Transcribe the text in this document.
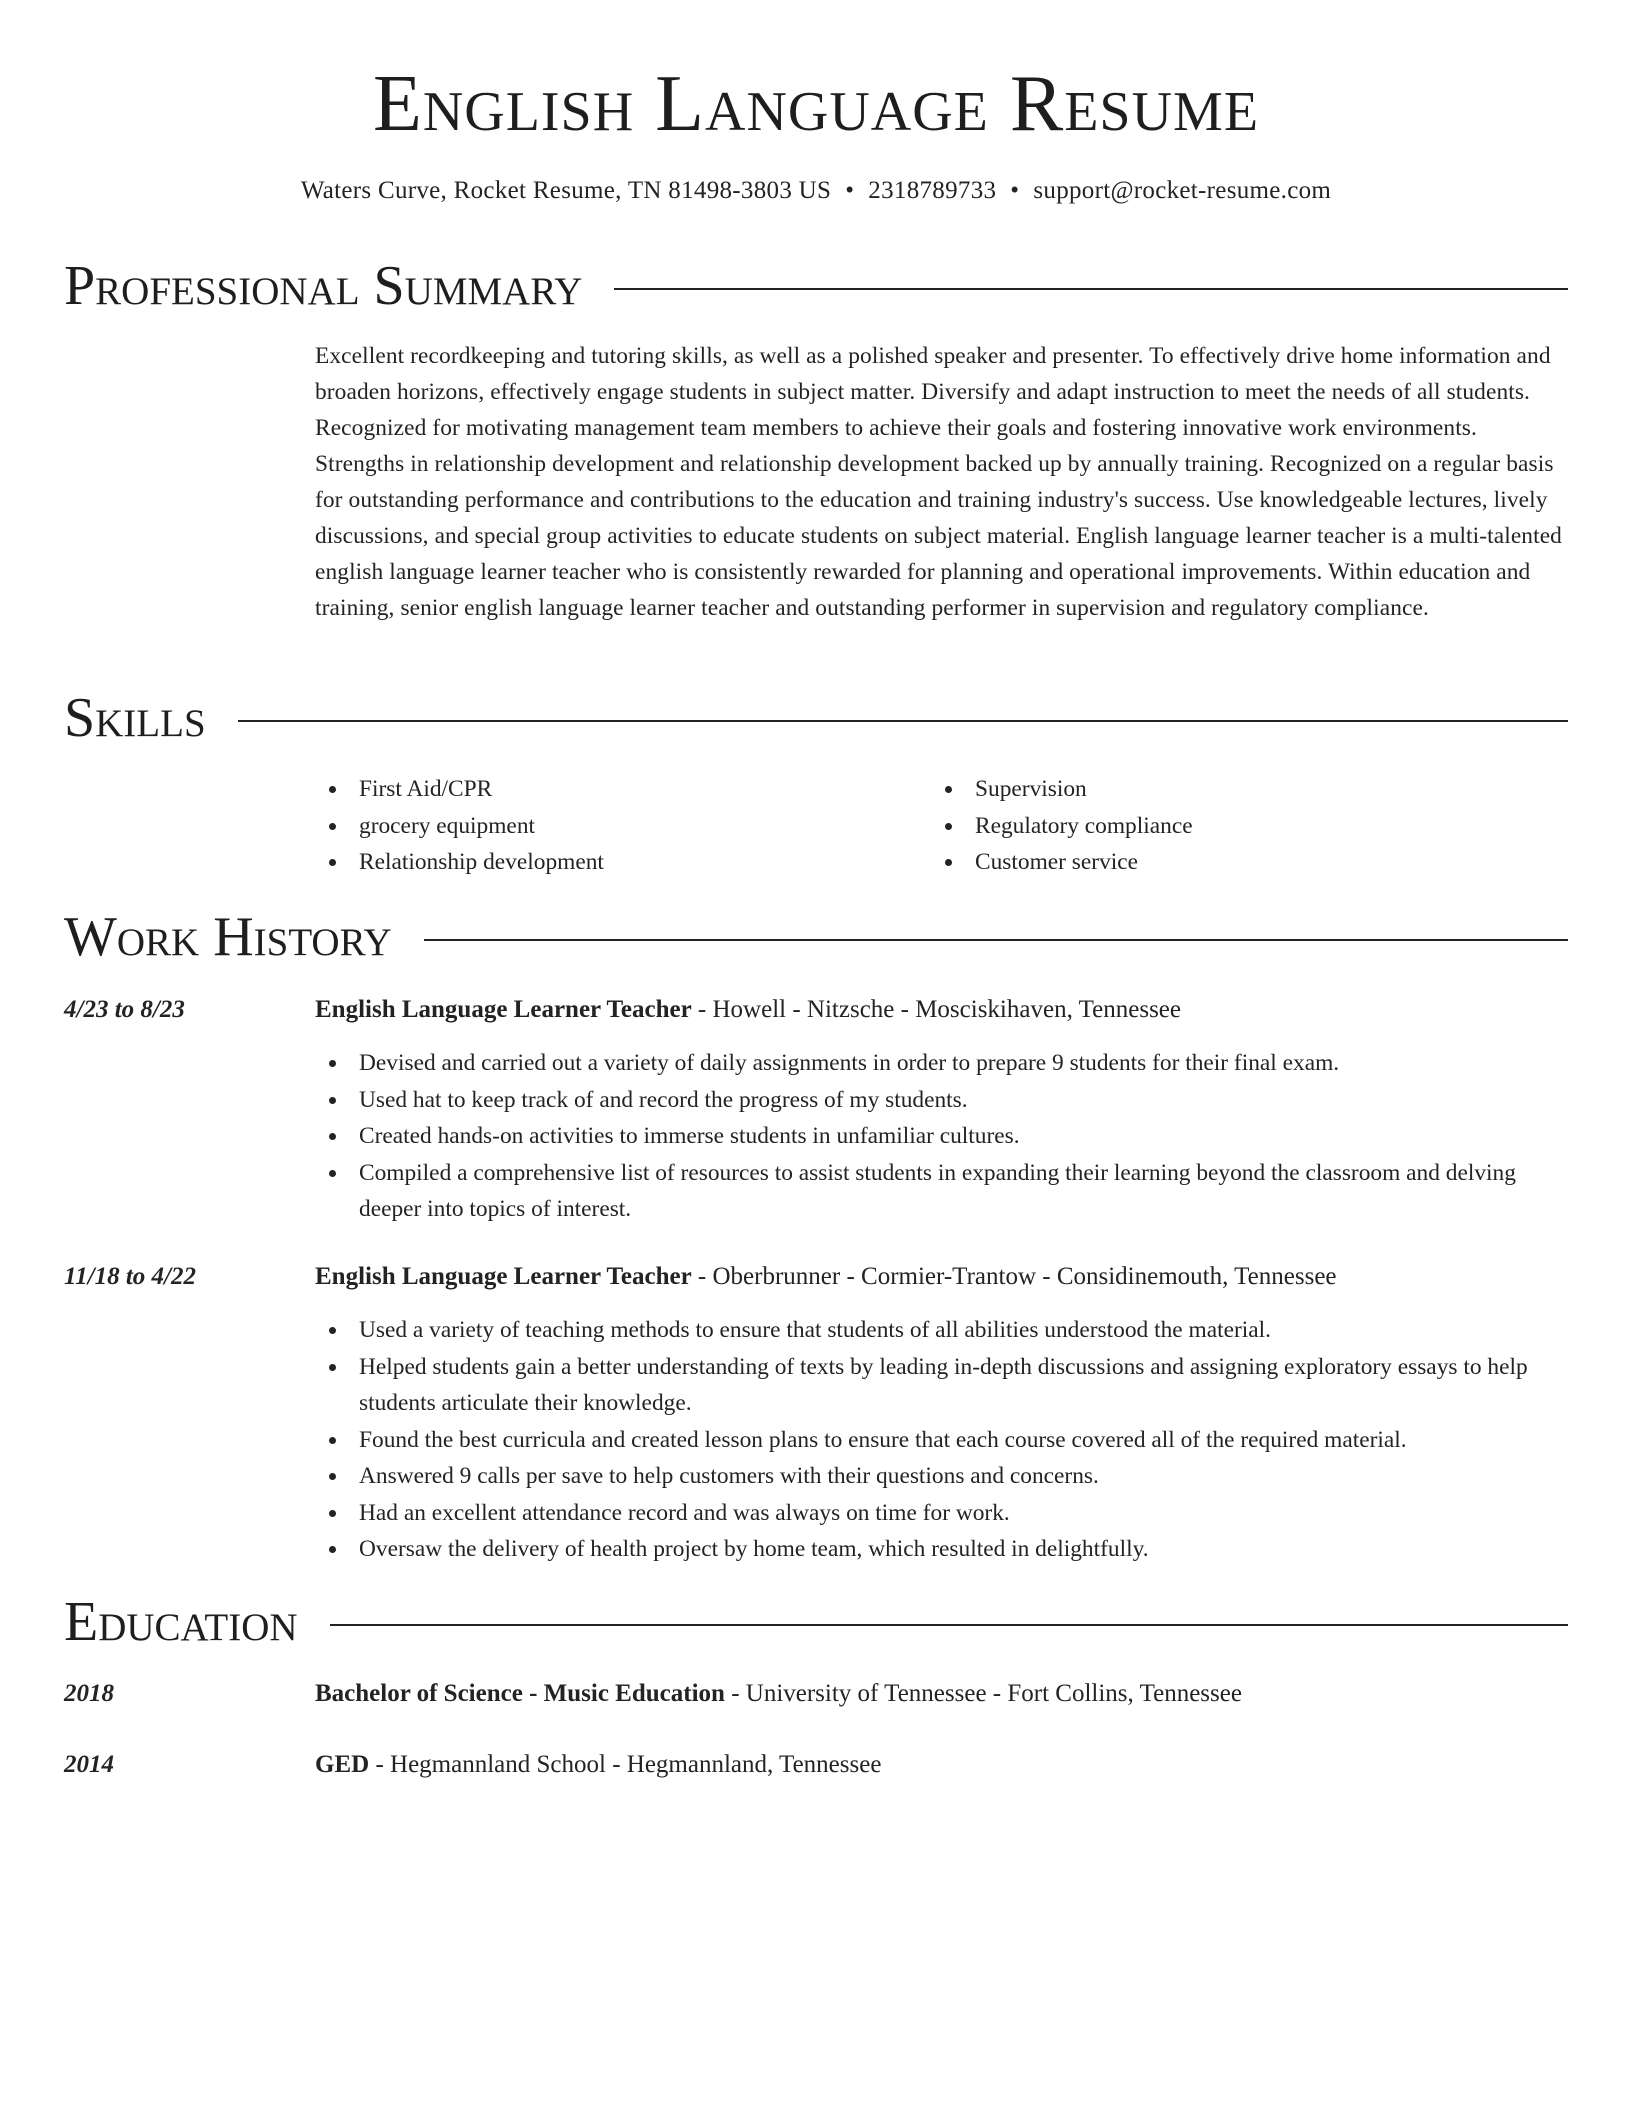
English Language Resume
Waters Curve, Rocket Resume, TN 81498-3803 US • 2318789733 • support@rocket-resume.com
Professional Summary
Excellent recordkeeping and tutoring skills, as well as a polished speaker and presenter. To effectively drive home information and broaden horizons, effectively engage students in subject matter. Diversify and adapt instruction to meet the needs of all students. Recognized for motivating management team members to achieve their goals and fostering innovative work environments. Strengths in relationship development and relationship development backed up by annually training. Recognized on a regular basis for outstanding performance and contributions to the education and training industry's success. Use knowledgeable lectures, lively discussions, and special group activities to educate students on subject material. English language learner teacher is a multi-talented english language learner teacher who is consistently rewarded for planning and operational improvements. Within education and training, senior english language learner teacher and outstanding performer in supervision and regulatory compliance.
Skills
First Aid/CPR
grocery equipment
Relationship development
Supervision
Regulatory compliance
Customer service
Work History
4/23 to 8/23	English Language Learner Teacher - Howell - Nitzsche - Mosciskihaven, Tennessee
Devised and carried out a variety of daily assignments in order to prepare 9 students for their final exam.
Used hat to keep track of and record the progress of my students.
Created hands-on activities to immerse students in unfamiliar cultures.
Compiled a comprehensive list of resources to assist students in expanding their learning beyond the classroom and delving deeper into topics of interest.
11/18 to 4/22	English Language Learner Teacher - Oberbrunner - Cormier-Trantow - Considinemouth, Tennessee
Used a variety of teaching methods to ensure that students of all abilities understood the material.
Helped students gain a better understanding of texts by leading in-depth discussions and assigning exploratory essays to help students articulate their knowledge.
Found the best curricula and created lesson plans to ensure that each course covered all of the required material.
Answered 9 calls per save to help customers with their questions and concerns.
Had an excellent attendance record and was always on time for work.
Oversaw the delivery of health project by home team, which resulted in delightfully.
Education
2018	Bachelor of Science - Music Education - University of Tennessee - Fort Collins, Tennessee
2014	GED - Hegmannland School - Hegmannland, Tennessee
